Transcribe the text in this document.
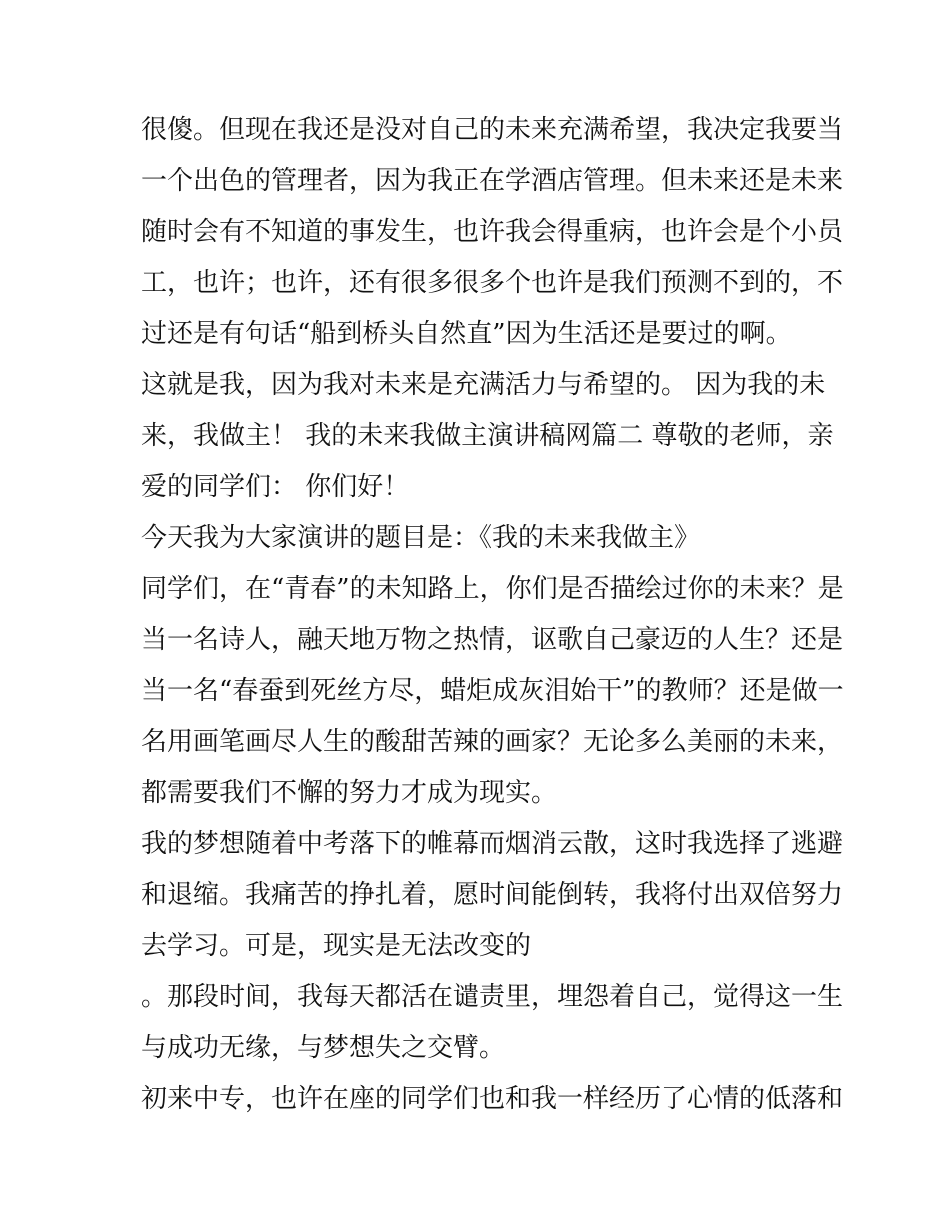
很傻。但现在我还是没对自己的未来充满希望，我决定我要当
一个出色的管理者，因为我正在学酒店管理。但未来还是未来
随时会有不知道的事发生，也许我会得重病，也许会是个小员
工，也许；也许，还有很多很多个也许是我们预测不到的，不
过还是有句话“船到桥头自然直”因为生活还是要过的啊。
这就是我，因为我对未来是充满活力与希望的。 因为我的未
来，我做主！ 我的未来我做主演讲稿网篇二 尊敬的老师，亲
爱的同学们： 你们好！
今天我为大家演讲的题目是：《我的未来我做主》
同学们，在“青春”的未知路上，你们是否描绘过你的未来？是
当一名诗人，融天地万物之热情，讴歌自己豪迈的人生？还是
当一名“春蚕到死丝方尽，蜡炬成灰泪始干”的教师？还是做一
名用画笔画尽人生的酸甜苦辣的画家？无论多么美丽的未来，
都需要我们不懈的努力才成为现实。
我的梦想随着中考落下的帷幕而烟消云散，这时我选择了逃避
和退缩。我痛苦的挣扎着，愿时间能倒转，我将付出双倍努力
去学习。可是，现实是无法改变的
。那段时间，我每天都活在谴责里，埋怨着自己，觉得这一生
与成功无缘，与梦想失之交臂。
初来中专，也许在座的同学们也和我一样经历了心情的低落和
